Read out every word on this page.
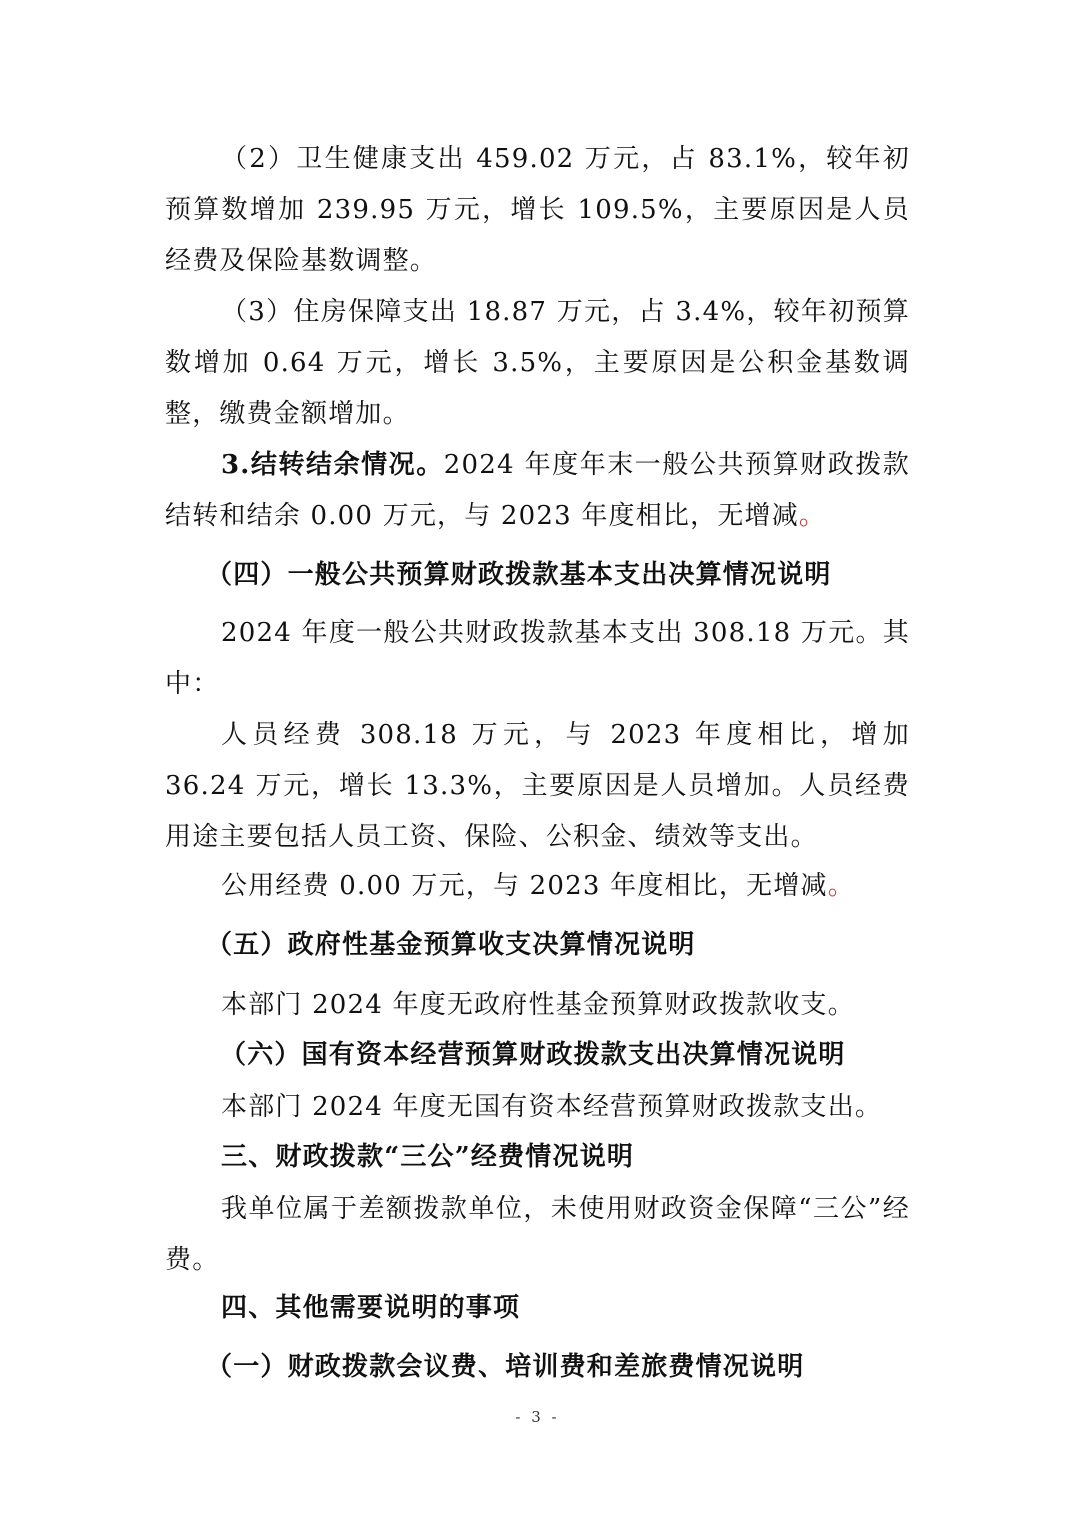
（2）卫生健康支出 459.02 万元，占 83.1%，较年初预算数增加 239.95 万元，增长 109.5%，主要原因是人员经费及保险基数调整。

（3）住房保障支出 18.87 万元，占 3.4%，较年初预算数增加 0.64 万元，增长 3.5%，主要原因是公积金基数调整，缴费金额增加。

3.结转结余情况。2024 年度年末一般公共预算财政拨款结转和结余 0.00 万元，与 2023 年度相比，无增减。

（四）一般公共预算财政拨款基本支出决算情况说明

2024 年度一般公共财政拨款基本支出 308.18 万元。其中：

人员经费 308.18 万元，与 2023 年度相比，增加 36.24 万元，增长 13.3%，主要原因是人员增加。人员经费用途主要包括人员工资、保险、公积金、绩效等支出。

公用经费 0.00 万元，与 2023 年度相比，无增减。

（五）政府性基金预算收支决算情况说明

本部门 2024 年度无政府性基金预算财政拨款收支。

（六）国有资本经营预算财政拨款支出决算情况说明

本部门 2024 年度无国有资本经营预算财政拨款支出。

三、财政拨款“三公”经费情况说明

我单位属于差额拨款单位，未使用财政资金保障“三公”经费。

四、其他需要说明的事项

（一）财政拨款会议费、培训费和差旅费情况说明

- 3 -
